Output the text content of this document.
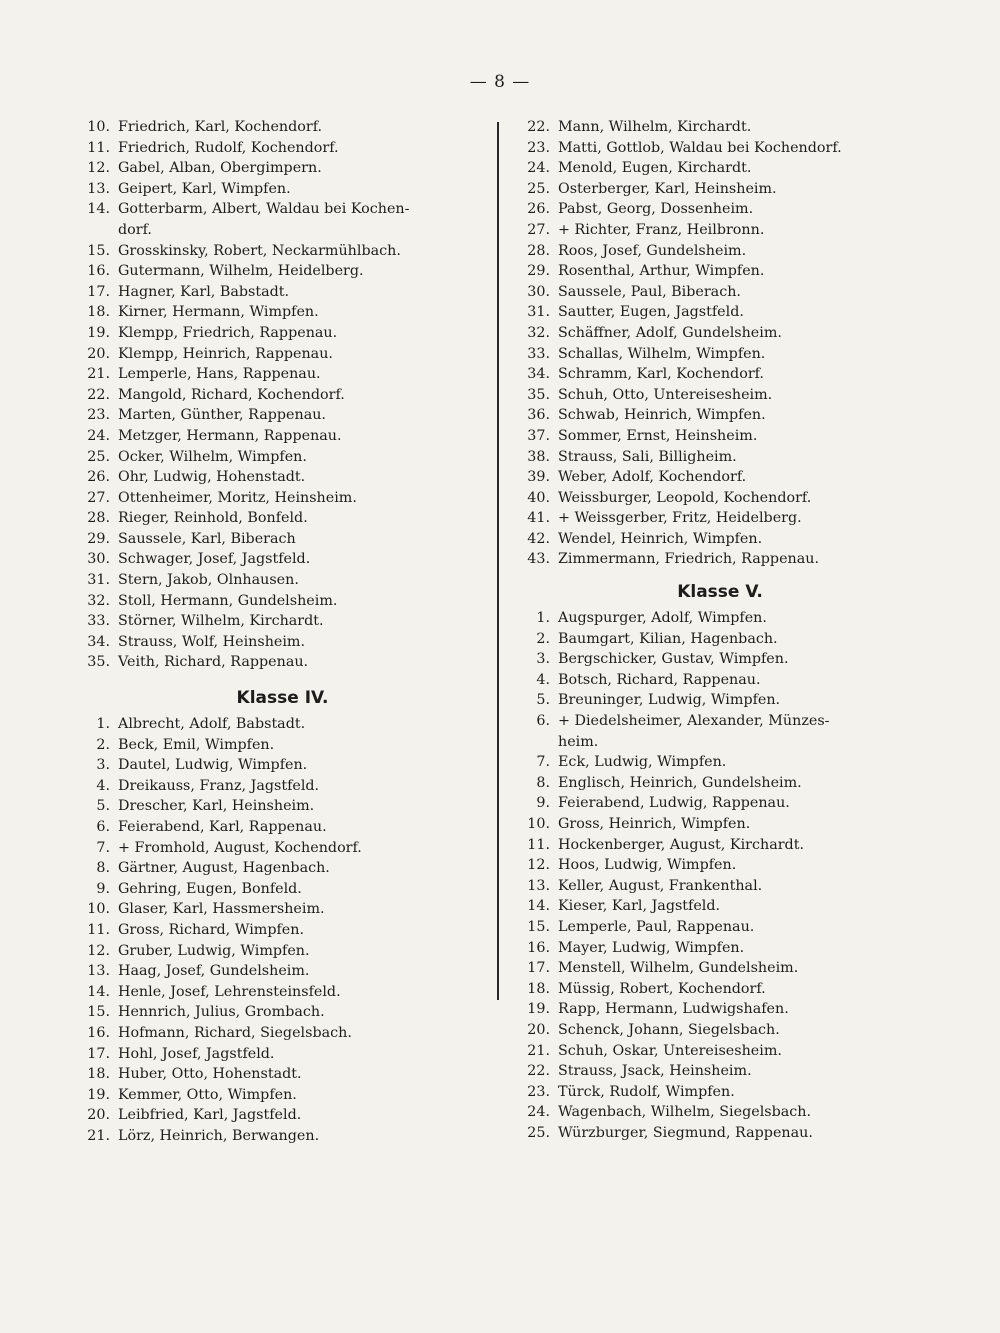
— 8 —
10. Friedrich, Karl, Kochendorf.
11. Friedrich, Rudolf, Kochendorf.
12. Gabel, Alban, Obergimpern.
13. Geipert, Karl, Wimpfen.
14. Gotterbarm, Albert, Waldau bei Kochen-
dorf.
15. Grosskinsky, Robert, Neckarmühlbach.
16. Gutermann, Wilhelm, Heidelberg.
17. Hagner, Karl, Babstadt.
18. Kirner, Hermann, Wimpfen.
19. Klempp, Friedrich, Rappenau.
20. Klempp, Heinrich, Rappenau.
21. Lemperle, Hans, Rappenau.
22. Mangold, Richard, Kochendorf.
23. Marten, Günther, Rappenau.
24. Metzger, Hermann, Rappenau.
25. Ocker, Wilhelm, Wimpfen.
26. Ohr, Ludwig, Hohenstadt.
27. Ottenheimer, Moritz, Heinsheim.
28. Rieger, Reinhold, Bonfeld.
29. Saussele, Karl, Biberach
30. Schwager, Josef, Jagstfeld.
31. Stern, Jakob, Olnhausen.
32. Stoll, Hermann, Gundelsheim.
33. Störner, Wilhelm, Kirchardt.
34. Strauss, Wolf, Heinsheim.
35. Veith, Richard, Rappenau.
Klasse IV.
1. Albrecht, Adolf, Babstadt.
2. Beck, Emil, Wimpfen.
3. Dautel, Ludwig, Wimpfen.
4. Dreikauss, Franz, Jagstfeld.
5. Drescher, Karl, Heinsheim.
6. Feierabend, Karl, Rappenau.
7. + Fromhold, August, Kochendorf.
8. Gärtner, August, Hagenbach.
9. Gehring, Eugen, Bonfeld.
10. Glaser, Karl, Hassmersheim.
11. Gross, Richard, Wimpfen.
12. Gruber, Ludwig, Wimpfen.
13. Haag, Josef, Gundelsheim.
14. Henle, Josef, Lehrensteinsfeld.
15. Hennrich, Julius, Grombach.
16. Hofmann, Richard, Siegelsbach.
17. Hohl, Josef, Jagstfeld.
18. Huber, Otto, Hohenstadt.
19. Kemmer, Otto, Wimpfen.
20. Leibfried, Karl, Jagstfeld.
21. Lörz, Heinrich, Berwangen.
22. Mann, Wilhelm, Kirchardt.
23. Matti, Gottlob, Waldau bei Kochendorf.
24. Menold, Eugen, Kirchardt.
25. Osterberger, Karl, Heinsheim.
26. Pabst, Georg, Dossenheim.
27. + Richter, Franz, Heilbronn.
28. Roos, Josef, Gundelsheim.
29. Rosenthal, Arthur, Wimpfen.
30. Saussele, Paul, Biberach.
31. Sautter, Eugen, Jagstfeld.
32. Schäffner, Adolf, Gundelsheim.
33. Schallas, Wilhelm, Wimpfen.
34. Schramm, Karl, Kochendorf.
35. Schuh, Otto, Untereisesheim.
36. Schwab, Heinrich, Wimpfen.
37. Sommer, Ernst, Heinsheim.
38. Strauss, Sali, Billigheim.
39. Weber, Adolf, Kochendorf.
40. Weissburger, Leopold, Kochendorf.
41. + Weissgerber, Fritz, Heidelberg.
42. Wendel, Heinrich, Wimpfen.
43. Zimmermann, Friedrich, Rappenau.
Klasse V.
1. Augspurger, Adolf, Wimpfen.
2. Baumgart, Kilian, Hagenbach.
3. Bergschicker, Gustav, Wimpfen.
4. Botsch, Richard, Rappenau.
5. Breuninger, Ludwig, Wimpfen.
6. + Diedelsheimer, Alexander, Münzes-
heim.
7. Eck, Ludwig, Wimpfen.
8. Englisch, Heinrich, Gundelsheim.
9. Feierabend, Ludwig, Rappenau.
10. Gross, Heinrich, Wimpfen.
11. Hockenberger, August, Kirchardt.
12. Hoos, Ludwig, Wimpfen.
13. Keller, August, Frankenthal.
14. Kieser, Karl, Jagstfeld.
15. Lemperle, Paul, Rappenau.
16. Mayer, Ludwig, Wimpfen.
17. Menstell, Wilhelm, Gundelsheim.
18. Müssig, Robert, Kochendorf.
19. Rapp, Hermann, Ludwigshafen.
20. Schenck, Johann, Siegelsbach.
21. Schuh, Oskar, Untereisesheim.
22. Strauss, Jsack, Heinsheim.
23. Türck, Rudolf, Wimpfen.
24. Wagenbach, Wilhelm, Siegelsbach.
25. Würzburger, Siegmund, Rappenau.
